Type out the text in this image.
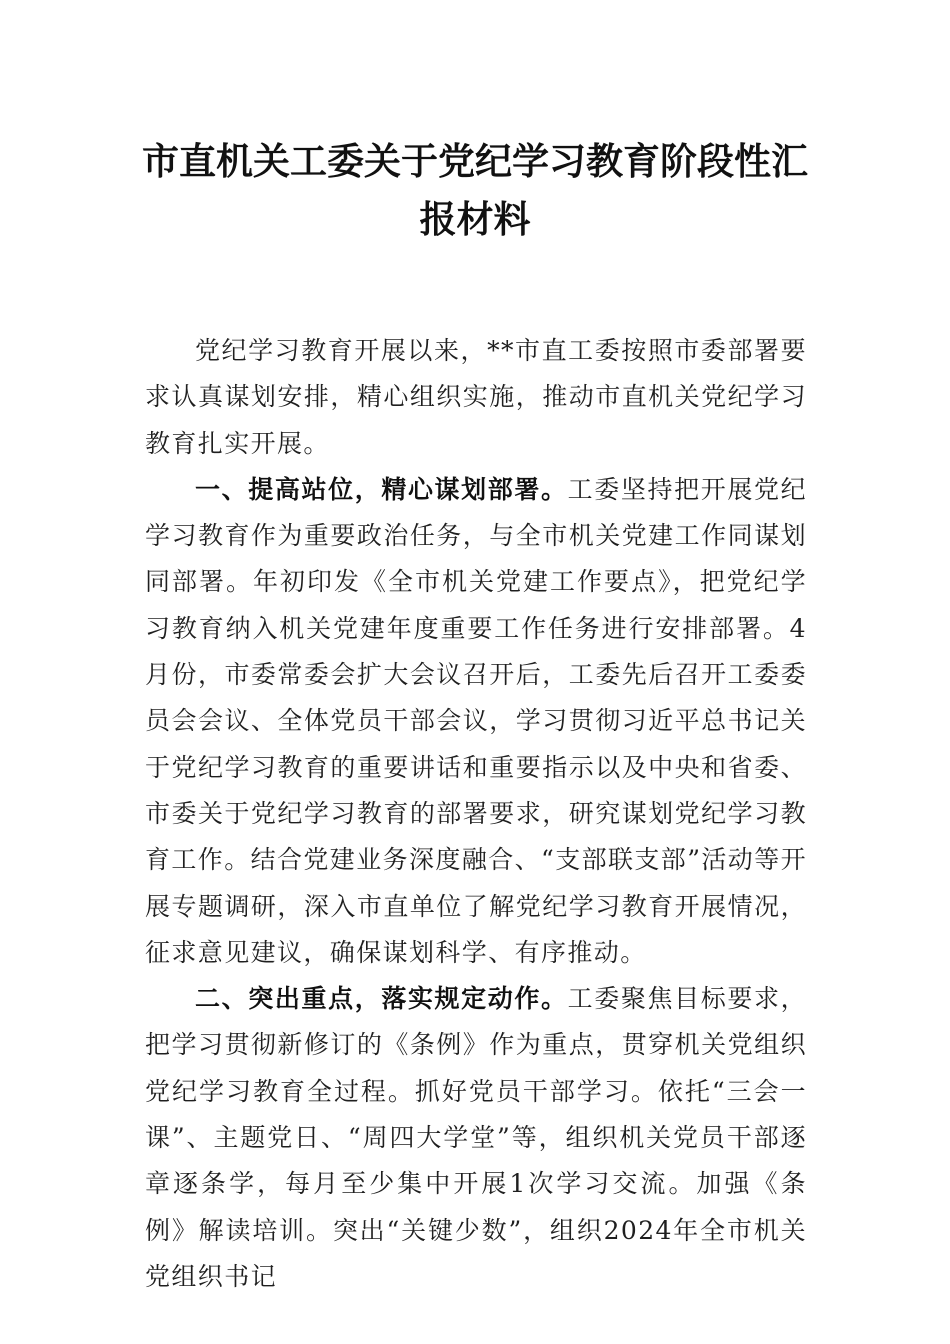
市直机关工委关于党纪学习教育阶段性汇报材料

党纪学习教育开展以来，**市直工委按照市委部署要求认真谋划安排，精心组织实施，推动市直机关党纪学习教育扎实开展。

一、提高站位，精心谋划部署。工委坚持把开展党纪学习教育作为重要政治任务，与全市机关党建工作同谋划同部署。年初印发《全市机关党建工作要点》，把党纪学习教育纳入机关党建年度重要工作任务进行安排部署。4月份，市委常委会扩大会议召开后，工委先后召开工委委员会会议、全体党员干部会议，学习贯彻习近平总书记关于党纪学习教育的重要讲话和重要指示以及中央和省委、市委关于党纪学习教育的部署要求，研究谋划党纪学习教育工作。结合党建业务深度融合、“支部联支部”活动等开展专题调研，深入市直单位了解党纪学习教育开展情况，征求意见建议，确保谋划科学、有序推动。

二、突出重点，落实规定动作。工委聚焦目标要求，把学习贯彻新修订的《条例》作为重点，贯穿机关党组织党纪学习教育全过程。抓好党员干部学习。依托“三会一课”、主题党日、“周四大学堂”等，组织机关党员干部逐章逐条学，每月至少集中开展1次学习交流。加强《条例》解读培训。突出“关键少数”，组织2024年全市机关党组织书记
